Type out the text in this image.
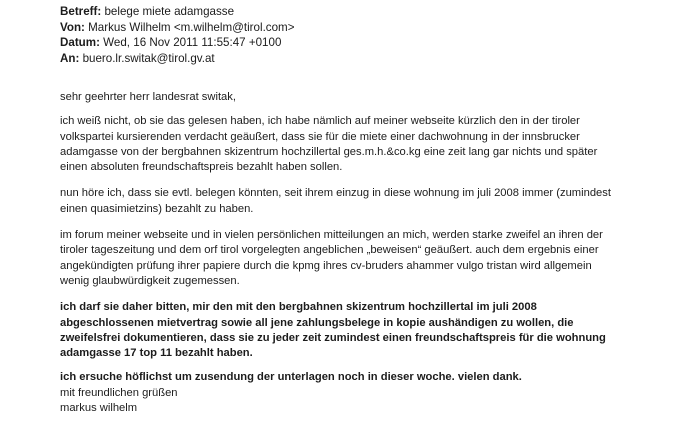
Betreff: belege miete adamgasse
Von: Markus Wilhelm <m.wilhelm@tirol.com>
Datum: Wed, 16 Nov 2011 11:55:47 +0100
An: buero.lr.switak@tirol.gv.at

sehr geehrter herr landesrat switak,

ich weiß nicht, ob sie das gelesen haben, ich habe nämlich auf meiner webseite kürzlich den in der tiroler
volkspartei kursierenden verdacht geäußert, dass sie für die miete einer dachwohnung in der innsbrucker
adamgasse von der bergbahnen skizentrum hochzillertal ges.m.h.&co.kg eine zeit lang gar nichts und später
einen absoluten freundschaftspreis bezahlt haben sollen.

nun höre ich, dass sie evtl. belegen könnten, seit ihrem einzug in diese wohnung im juli 2008 immer (zumindest
einen quasimietzins) bezahlt zu haben.

im forum meiner webseite und in vielen persönlichen mitteilungen an mich, werden starke zweifel an ihren der
tiroler tageszeitung und dem orf tirol vorgelegten angeblichen „beweisen“ geäußert. auch dem ergebnis einer
angekündigten prüfung ihrer papiere durch die kpmg ihres cv-bruders ahammer vulgo tristan wird allgemein
wenig glaubwürdigkeit zugemessen.

ich darf sie daher bitten, mir den mit den bergbahnen skizentrum hochzillertal im juli 2008
abgeschlossenen mietvertrag sowie all jene zahlungsbelege in kopie aushändigen zu wollen, die
zweifelsfrei dokumentieren, dass sie zu jeder zeit zumindest einen freundschaftspreis für die wohnung
adamgasse 17 top 11 bezahlt haben.

ich ersuche höflichst um zusendung der unterlagen noch in dieser woche. vielen dank.

mit freundlichen grüßen
markus wilhelm
